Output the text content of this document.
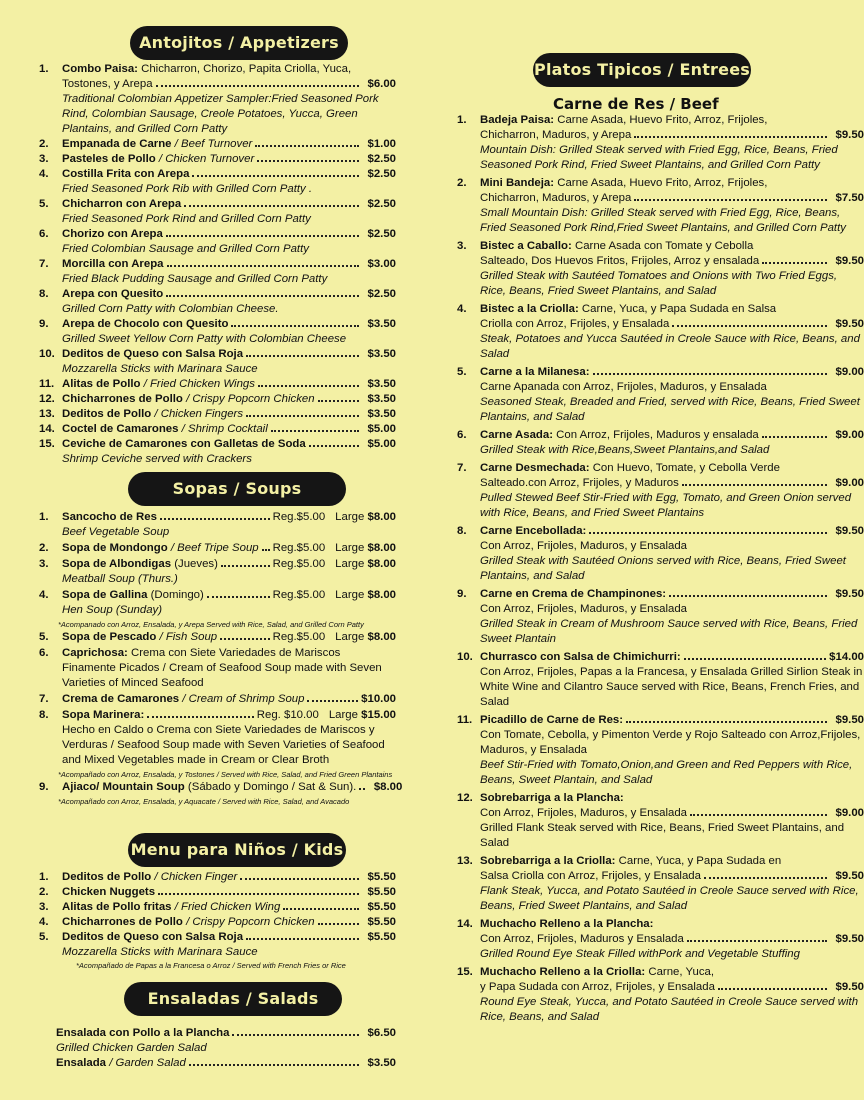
Antojitos / Appetizers
1. Combo Paisa: Chicharron, Chorizo, Papita Criolla, Yuca,
Tostones, y Arepa	$6.00
Traditional Colombian Appetizer Sampler:Fried Seasoned Pork Rind, Colombian Sausage, Creole Potatoes, Yucca, Green Plantains, and Grilled Corn Patty
2. Empanada de Carne / Beef Turnover	$1.00
3. Pasteles de Pollo / Chicken Turnover	$2.50
4. Costilla Frita con Arepa	$2.50
Fried Seasoned Pork Rib with Grilled Corn Patty .
5. Chicharron con Arepa	$2.50
Fried Seasoned Pork Rind and Grilled Corn Patty
6. Chorizo con Arepa	$2.50
Fried Colombian Sausage and Grilled Corn Patty
7. Morcilla con Arepa	$3.00
Fried Black Pudding Sausage and Grilled Corn Patty
8. Arepa con Quesito	$2.50
Grilled Corn Patty with Colombian Cheese.
9. Arepa de Chocolo con Quesito	$3.50
Grilled Sweet Yellow Corn Patty with Colombian Cheese
10. Deditos de Queso con Salsa Roja	$3.50
Mozzarella Sticks with Marinara Sauce
11. Alitas de Pollo / Fried Chicken Wings	$3.50
12. Chicharrones de Pollo / Crispy Popcorn Chicken	$3.50
13. Deditos de Pollo / Chicken Fingers	$3.50
14. Coctel de Camarones / Shrimp Cocktail	$5.00
15. Ceviche de Camarones con Galletas de Soda	$5.00
Shrimp Ceviche served with Crackers
Sopas / Soups
1. Sancocho de Res	Reg.$5.00 Large $8.00
Beef Vegetable Soup
2. Sopa de Mondongo / Beef Tripe Soup Reg.$5.00 Large $8.00
3. Sopa de Albondigas (Jueves)	Reg.$5.00 Large $8.00
Meatball Soup (Thurs.)
4. Sopa de Gallina (Domingo)	Reg.$5.00 Large $8.00
Hen Soup (Sunday)
*Acompanado con Arroz, Ensalada, y Arepa Served with Rice, Salad, and Grilled Corn Patty
5. Sopa de Pescado / Fish Soup	Reg.$5.00 Large $8.00
6. Caprichosa: Crema con Siete Variedades de Mariscos
Finamente Picados / Cream of Seafood Soup made with Seven Varieties of Minced Seafood
7. Crema de Camarones / Cream of Shrimp Soup	$10.00
8. Sopa Marinera:	Reg. $10.00 Large $15.00
Hecho en Caldo o Crema con Siete Variedades de Mariscos y Verduras / Seafood Soup made with Seven Varieties of Seafood and Mixed Vegetables made in Cream or Clear Broth
*Acompañado con Arroz, Ensalada, y Tostones / Served with Rice, Salad, and Fried Green Plantains
9. Ajiaco/ Mountain Soup (Sábado y Domingo / Sat & Sun).	$8.00
*Acompañado con Arroz, Ensalada, y Aquacate / Served with Rice, Salad, and Avacado
Menu para Niños / Kids Menu
1. Deditos de Pollo / Chicken Finger	$5.50
2. Chicken Nuggets	$5.50
3. Alitas de Pollo fritas / Fried Chicken Wing	$5.50
4. Chicharrones de Pollo / Crispy Popcorn Chicken	$5.50
5. Deditos de Queso con Salsa Roja	$5.50
Mozzarella Sticks with Marinara Sauce
*Acompañado de Papas a la Francesa o Arroz / Served with French Fries or Rice
Ensaladas / Salads
Ensalada con Pollo a la Plancha	$6.50
Grilled Chicken Garden Salad
Ensalada / Garden Salad	$3.50
Platos Tipicos / Entrees
Carne de Res / Beef
1. Badeja Paisa: Carne Asada, Huevo Frito, Arroz, Frijoles,
Chicharron, Maduros, y Arepa	$9.50
Mountain Dish: Grilled Steak served with Fried Egg, Rice, Beans, Fried Seasoned Pork Rind, Fried Sweet Plantains, and Grilled Corn Patty
2. Mini Bandeja: Carne Asada, Huevo Frito, Arroz, Frijoles,
Chicharron, Maduros, y Arepa	$7.50
Small Mountain Dish: Grilled Steak served with Fried Egg, Rice, Beans, Fried Seasoned Pork Rind,Fried Sweet Plantains, and Grilled Corn Patty
3. Bistec a Caballo: Carne Asada con Tomate y Cebolla
Salteado, Dos Huevos Fritos, Frijoles, Arroz y ensalada	$9.50
Grilled Steak with Sautéed Tomatoes and Onions with Two Fried Eggs, Rice, Beans, Fried Sweet Plantains, and Salad
4. Bistec a la Criolla: Carne, Yuca, y Papa Sudada en Salsa
Criolla con Arroz, Frijoles, y Ensalada	$9.50
Steak, Potatoes and Yucca Sautéed in Creole Sauce with Rice, Beans, and Salad
5. Carne a la Milanesa:	$9.00
Carne Apanada con Arroz, Frijoles, Maduros, y Ensalada
Seasoned Steak, Breaded and Fried, served with Rice, Beans, Fried Sweet Plantains, and Salad
6. Carne Asada: Con Arroz, Frijoles, Maduros y ensalada	$9.00
Grilled Steak with Rice,Beans,Sweet Plantains,and Salad
7. Carne Desmechada: Con Huevo, Tomate, y Cebolla Verde
Salteado.con Arroz, Frijoles, y Maduros	$9.00
Pulled Stewed Beef Stir-Fried with Egg, Tomato, and Green Onion served with Rice, Beans, and Fried Sweet Plantains
8. Carne Encebollada:	$9.50
Con Arroz, Frijoles, Maduros, y Ensalada
Grilled Steak with Sautéed Onions served with Rice, Beans, Fried Sweet Plantains, and Salad
9. Carne en Crema de Champinones:	$9.50
Con Arroz, Frijoles, Maduros, y Ensalada
Grilled Steak in Cream of Mushroom Sauce served with Rice, Beans, Fried Sweet Plantain
10. Churrasco con Salsa de Chimichurri:	$14.00
Con Arroz, Frijoles, Papas a la Francesa, y Ensalada Grilled Sirlion Steak in White Wine and Cilantro Sauce served with Rice, Beans, French Fries, and Salad
11. Picadillo de Carne de Res:	$9.50
Con Tomate, Cebolla, y Pimenton Verde y Rojo Salteado con Arroz,Frijoles, Maduros, y Ensalada
Beef Stir-Fried with Tomato,Onion,and Green and Red Peppers with Rice, Beans, Sweet Plantain, and Salad
12. Sobrebarriga a la Plancha:
Con Arroz, Frijoles, Maduros, y Ensalada	$9.00
Grilled Flank Steak served with Rice, Beans, Fried Sweet Plantains, and Salad
13. Sobrebarriga a la Criolla: Carne, Yuca, y Papa Sudada en
Salsa Criolla con Arroz, Frijoles, y Ensalada	$9.50
Flank Steak, Yucca, and Potato Sautéed in Creole Sauce served with Rice, Beans, Fried Sweet Plantains, and Salad
14. Muchacho Relleno a la Plancha:
Con Arroz, Frijoles, Maduros y Ensalada	$9.50
Grilled Round Eye Steak Filled withPork and Vegetable Stuffing
15. Muchacho Relleno a la Criolla: Carne, Yuca,
y Papa Sudada con Arroz, Frijoles, y Ensalada	$9.50
Round Eye Steak, Yucca, and Potato Sautéed in Creole Sauce served with Rice, Beans, and Salad
